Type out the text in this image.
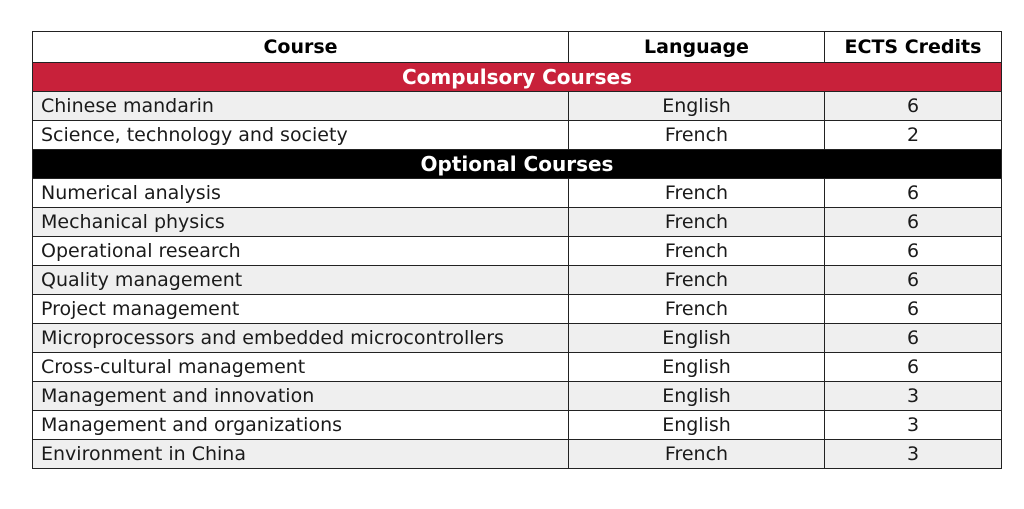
Course	Language	ECTS Credits
Compulsory Courses		
Chinese mandarin	English	6
Science, technology and society	French	2
Optional Courses		
Numerical analysis	French	6
Mechanical physics	French	6
Operational research	French	6
Quality management	French	6
Project management	French	6
Microprocessors and embedded microcontrollers	English	6
Cross-cultural management	English	6
Management and innovation	English	3
Management and organizations	English	3
Environment in China	French	3
